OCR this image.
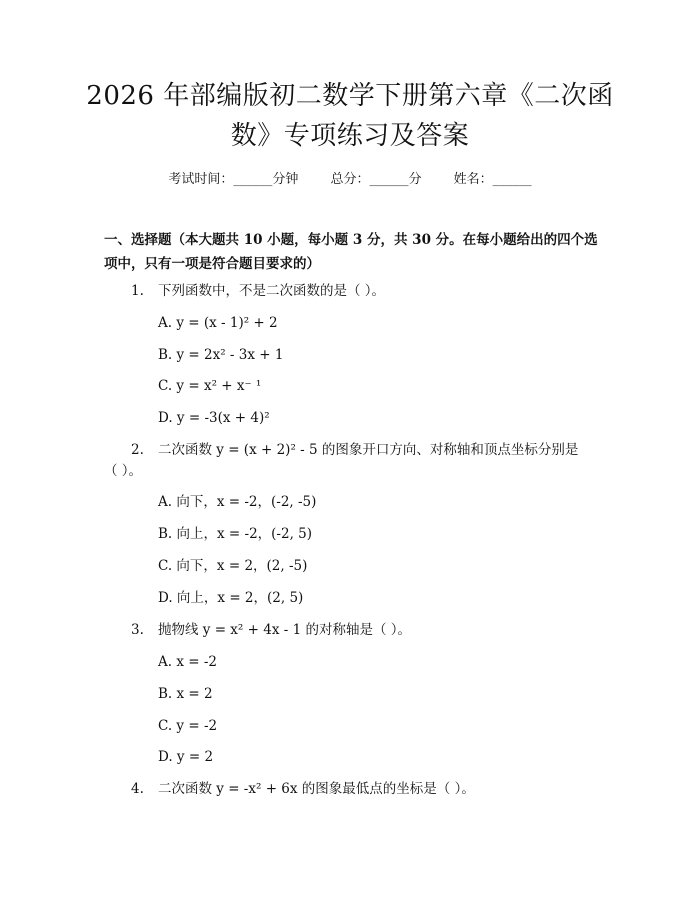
2026 年部编版初二数学下册第六章《二次函数》专项练习及答案
考试时间：______分钟 总分：______分 姓名：______
一、选择题（本大题共 10 小题，每小题 3 分，共 30 分。在每小题给出的四个选项中，只有一项是符合题目要求的）
1. 下列函数中，不是二次函数的是（ ）。
A. y = (x - 1)² + 2
B. y = 2x² - 3x + 1
C. y = x² + x⁻ ¹
D. y = -3(x + 4)²
2. 二次函数 y = (x + 2)² - 5 的图象开口方向、对称轴和顶点坐标分别是
（ ）。
A. 向下，x = -2，(-2, -5)
B. 向上，x = -2，(-2, 5)
C. 向下，x = 2，(2, -5)
D. 向上，x = 2，(2, 5)
3. 抛物线 y = x² + 4x - 1 的对称轴是（ ）。
A. x = -2
B. x = 2
C. y = -2
D. y = 2
4. 二次函数 y = -x² + 6x 的图象最低点的坐标是（ ）。
